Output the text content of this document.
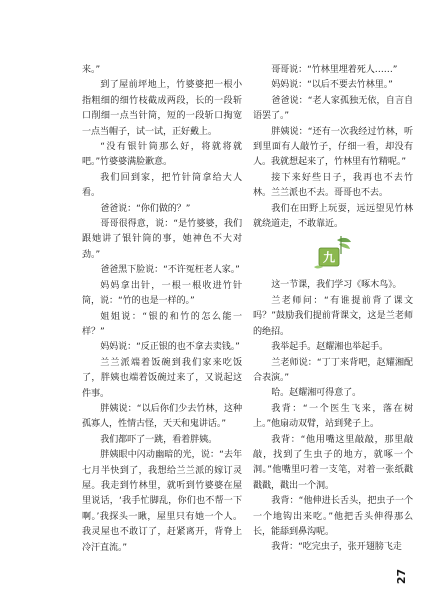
来。”

到了屋前坪地上，竹婆婆把一根小指粗细的细竹枝截成两段，长的一段斩口削细一点当针筒，短的一段斩口掏宽一点当帽子，试一试，正好戴上。

“没有银针筒那么好，将就将就吧。”竹婆婆满脸歉意。

我们回到家，把竹针筒拿给大人看。

爸爸说：“你们做的？”

哥哥很得意，说：“是竹婆婆，我们跟她讲了银针筒的事，她神色不大对劲。”

爸爸黑下脸说：“不许冤枉老人家。”

妈妈拿出针，一根一根收进竹针筒，说：“竹的也是一样的。”

姐姐说：“银的和竹的怎么能一样？”

妈妈说：“反正银的也不拿去卖钱。”

兰兰派端着饭碗到我们家来吃饭了，胖姨也端着饭碗过来了，又说起这件事。

胖姨说：“以后你们少去竹林，这种孤寡人，性情古怪，天天和鬼讲话。”

我们都吓了一跳，看着胖姨。

胖姨眼中闪动幽暗的光，说：“去年七月半快到了，我想给兰兰派的嫁订灵屋。我走到竹林里，就听到竹婆婆在屋里说话，‘我手忙脚乱，你们也不帮一下啊。’我探头一瞅，屋里只有她一个人。我灵屋也不敢订了，赶紧离开，背脊上冷汗直流。”

哥哥说：“竹林里埋着死人……”

妈妈说：“以后不要去竹林里。”

爸爸说：“老人家孤独无依，自言自语罢了。”

胖姨说：“还有一次我经过竹林，听到里面有人敲竹子，仔细一看，却没有人。我就想起来了，竹林里有竹精呢。”

接下来好些日子，我再也不去竹林。兰兰派也不去。哥哥也不去。

我们在田野上玩耍，远远望见竹林就绕道走，不敢靠近。

九

这一节课，我们学习《啄木鸟》。

兰老师问：“有谁提前背了课文吗？”鼓励我们提前背课文，这是兰老师的绝招。

我举起手。赵耀湘也举起手。

兰老师说：“丁丁来背吧，赵耀湘配合表演。”

哈。赵耀湘可得意了。

我背：“一个医生飞来，落在树上。”他扇动双臂，站到凳子上。

我背：“他用嘴这里敲敲，那里敲敲，找到了生虫子的地方，就啄一个洞。”他嘴里叼着一支笔，对着一张纸戳戳戳，戳出一个洞。

我背：“他伸进长舌头，把虫子一个一个地钩出来吃。”他把舌头伸得那么长，能舔到鼻沟呢。

我背：“吃完虫子，张开翅膀飞走

27
